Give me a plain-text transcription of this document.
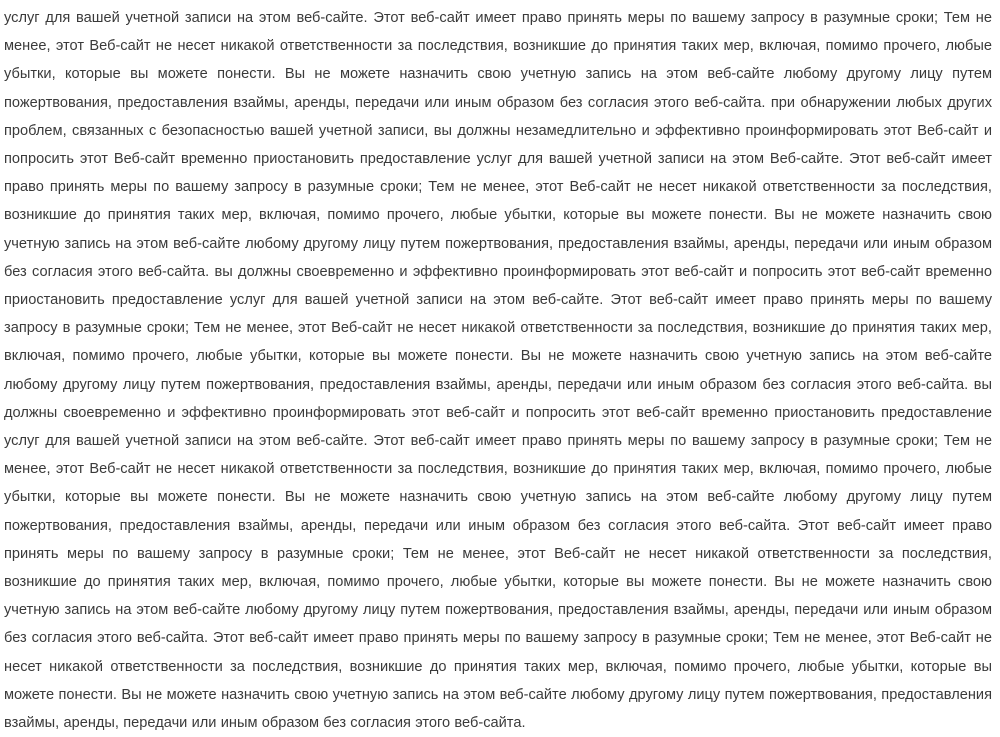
услуг для вашей учетной записи на этом веб-сайте. Этот веб-сайт имеет право принять меры по вашему запросу в разумные сроки; Тем не менее, этот Веб-сайт не несет никакой ответственности за последствия, возникшие до принятия таких мер, включая, помимо прочего, любые убытки, которые вы можете понести. Вы не можете назначить свою учетную запись на этом веб-сайте любому другому лицу путем пожертвования, предоставления взаймы, аренды, передачи или иным образом без согласия этого веб-сайта. при обнаружении любых других проблем, связанных с безопасностью вашей учетной записи, вы должны незамедлительно и эффективно проинформировать этот Веб-сайт и попросить этот Веб-сайт временно приостановить предоставление услуг для вашей учетной записи на этом Веб-сайте. Этот веб-сайт имеет право принять меры по вашему запросу в разумные сроки; Тем не менее, этот Веб-сайт не несет никакой ответственности за последствия, возникшие до принятия таких мер, включая, помимо прочего, любые убытки, которые вы можете понести. Вы не можете назначить свою учетную запись на этом веб-сайте любому другому лицу путем пожертвования, предоставления взаймы, аренды, передачи или иным образом без согласия этого веб-сайта. вы должны своевременно и эффективно проинформировать этот веб-сайт и попросить этот веб-сайт временно приостановить предоставление услуг для вашей учетной записи на этом веб-сайте. Этот веб-сайт имеет право принять меры по вашему запросу в разумные сроки; Тем не менее, этот Веб-сайт не несет никакой ответственности за последствия, возникшие до принятия таких мер, включая, помимо прочего, любые убытки, которые вы можете понести. Вы не можете назначить свою учетную запись на этом веб-сайте любому другому лицу путем пожертвования, предоставления взаймы, аренды, передачи или иным образом без согласия этого веб-сайта. вы должны своевременно и эффективно проинформировать этот веб-сайт и попросить этот веб-сайт временно приостановить предоставление услуг для вашей учетной записи на этом веб-сайте. Этот веб-сайт имеет право принять меры по вашему запросу в разумные сроки; Тем не менее, этот Веб-сайт не несет никакой ответственности за последствия, возникшие до принятия таких мер, включая, помимо прочего, любые убытки, которые вы можете понести. Вы не можете назначить свою учетную запись на этом веб-сайте любому другому лицу путем пожертвования, предоставления взаймы, аренды, передачи или иным образом без согласия этого веб-сайта. Этот веб-сайт имеет право принять меры по вашему запросу в разумные сроки; Тем не менее, этот Веб-сайт не несет никакой ответственности за последствия, возникшие до принятия таких мер, включая, помимо прочего, любые убытки, которые вы можете понести. Вы не можете назначить свою учетную запись на этом веб-сайте любому другому лицу путем пожертвования, предоставления взаймы, аренды, передачи или иным образом без согласия этого веб-сайта. Этот веб-сайт имеет право принять меры по вашему запросу в разумные сроки; Тем не менее, этот Веб-сайт не несет никакой ответственности за последствия, возникшие до принятия таких мер, включая, помимо прочего, любые убытки, которые вы можете понести. Вы не можете назначить свою учетную запись на этом веб-сайте любому другому лицу путем пожертвования, предоставления взаймы, аренды, передачи или иным образом без согласия этого веб-сайта.
